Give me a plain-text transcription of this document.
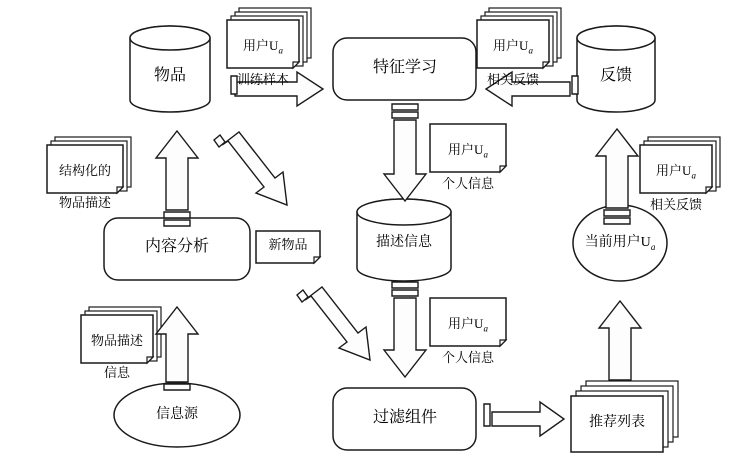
物品	特征学习	反馈
内容分析	描述信息	当前用户$U_a$
信息源	过滤组件	推荐列表

用户$U_a$

训练样本

用户$U_a$

相关反馈

结构化的

物品描述

用户$U_a$

个人信息

用户$U_a$

相关反馈

新物品

物品描述

信息

用户$U_a$

个人信息
